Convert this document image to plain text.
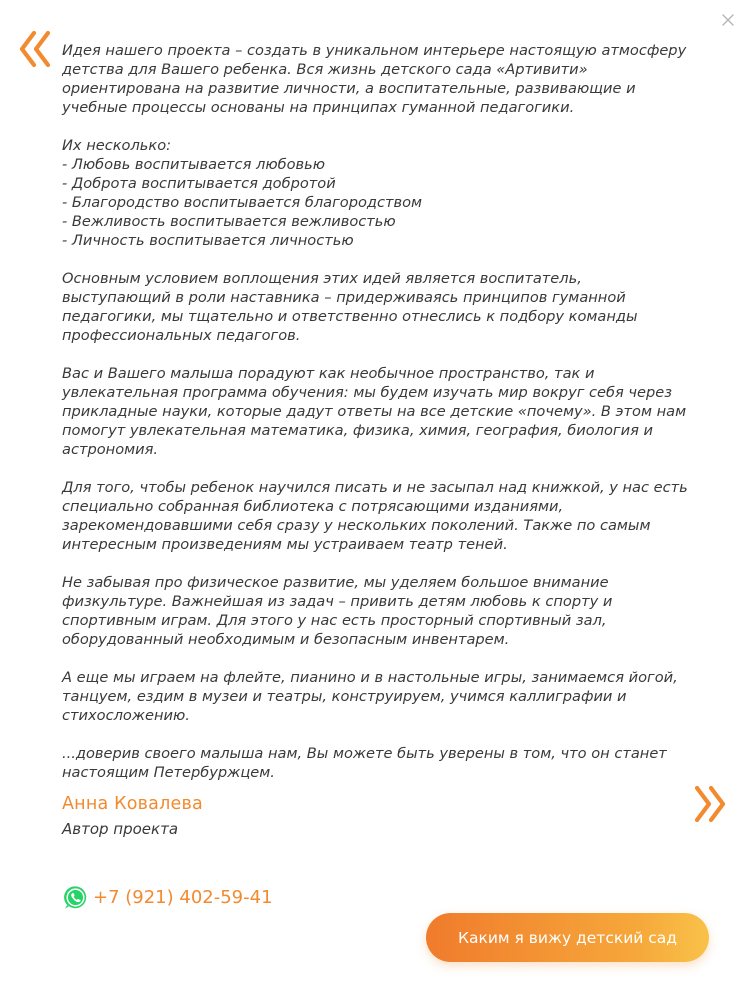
Идея нашего проекта – создать в уникальном интерьере настоящую атмосферу
детства для Вашего ребенка. Вся жизнь детского сада «Артивити»
ориентирована на развитие личности, а воспитательные, развивающие и
учебные процессы основаны на принципах гуманной педагогики.

Их несколько:
- Любовь воспитывается любовью
- Доброта воспитывается добротой
- Благородство воспитывается благородством
- Вежливость воспитывается вежливостью
- Личность воспитывается личностью

Основным условием воплощения этих идей является воспитатель,
выступающий в роли наставника – придерживаясь принципов гуманной
педагогики, мы тщательно и ответственно отнеслись к подбору команды
профессиональных педагогов.

Вас и Вашего малыша порадуют как необычное пространство, так и
увлекательная программа обучения: мы будем изучать мир вокруг себя через
прикладные науки, которые дадут ответы на все детские «почему». В этом нам
помогут увлекательная математика, физика, химия, география, биология и
астрономия.

Для того, чтобы ребенок научился писать и не засыпал над книжкой, у нас есть
специально собранная библиотека с потрясающими изданиями,
зарекомендовавшими себя сразу у нескольких поколений. Также по самым
интересным произведениям мы устраиваем театр теней.

Не забывая про физическое развитие, мы уделяем большое внимание
физкультуре. Важнейшая из задач – привить детям любовь к спорту и
спортивным играм. Для этого у нас есть просторный спортивный зал,
оборудованный необходимым и безопасным инвентарем.

А еще мы играем на флейте, пианино и в настольные игры, занимаемся йогой,
танцуем, ездим в музеи и театры, конструируем, учимся каллиграфии и
стихосложению.

...доверив своего малыша нам, Вы можете быть уверены в том, что он станет
настоящим Петербуржцем.

Анна Ковалева
Автор проекта
+7 (921) 402-59-41
Каким я вижу детский сад
